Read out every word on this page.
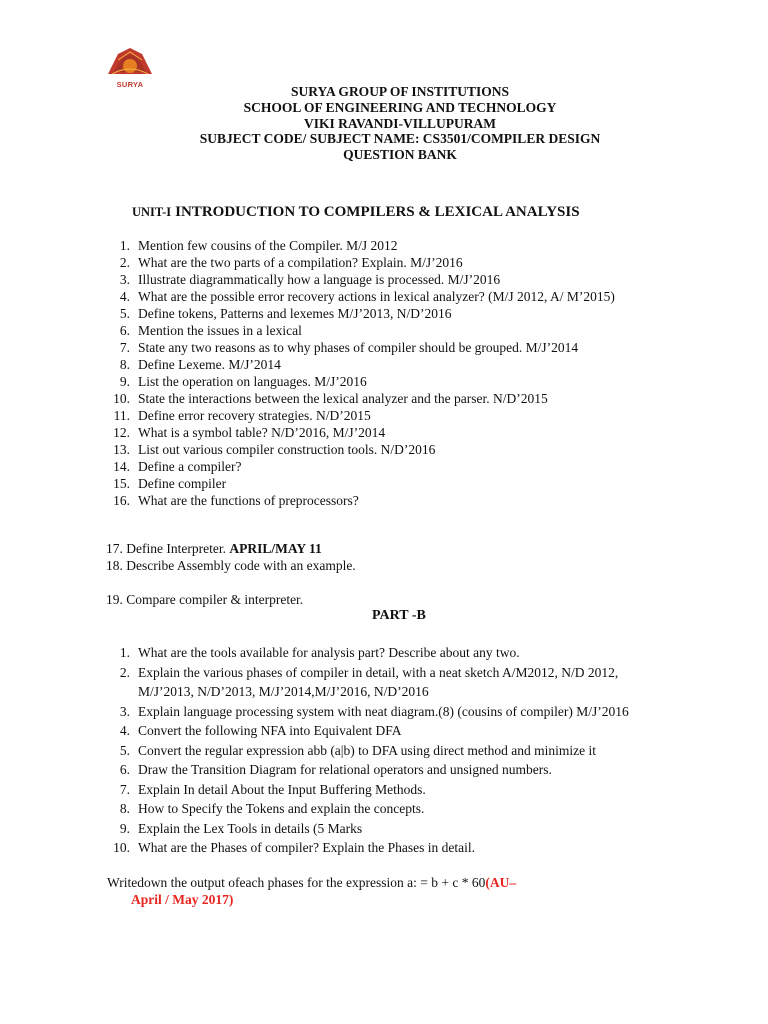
SURYA	SURYA GROUP OF INSTITUTIONS
SCHOOL OF ENGINEERING AND TECHNOLOGY
VIKI RAVANDI-VILLUPURAM
SUBJECT CODE/ SUBJECT NAME: CS3501/COMPILER DESIGN
QUESTION BANK
UNIT-I INTRODUCTION TO COMPILERS & LEXICAL ANALYSIS
1. Mention few cousins of the Compiler. M/J 2012
2. What are the two parts of a compilation? Explain. M/J’2016
3. Illustrate diagrammatically how a language is processed. M/J’2016
4. What are the possible error recovery actions in lexical analyzer? (M/J 2012, A/ M’2015)
5. Define tokens, Patterns and lexemes M/J’2013, N/D’2016
6. Mention the issues in a lexical
7. State any two reasons as to why phases of compiler should be grouped. M/J’2014
8. Define Lexeme. M/J’2014
9. List the operation on languages. M/J’2016
10. State the interactions between the lexical analyzer and the parser. N/D’2015
11. Define error recovery strategies. N/D’2015
12. What is a symbol table? N/D’2016, M/J’2014
13. List out various compiler construction tools. N/D’2016
14. Define a compiler?
15. Define compiler
16. What are the functions of preprocessors?
17. Define Interpreter. APRIL/MAY 11
18. Describe Assembly code with an example.
19. Compare compiler & interpreter.
PART -B
1. What are the tools available for analysis part? Describe about any two.
2. Explain the various phases of compiler in detail, with a neat sketch A/M2012, N/D 2012, M/J’2013, N/D’2013, M/J’2014,M/J’2016, N/D’2016
3. Explain language processing system with neat diagram.(8) (cousins of compiler) M/J’2016
4. Convert the following NFA into Equivalent DFA
5. Convert the regular expression abb (a|b) to DFA using direct method and minimize it
6. Draw the Transition Diagram for relational operators and unsigned numbers.
7. Explain In detail About the Input Buffering Methods.
8. How to Specify the Tokens and explain the concepts.
9. Explain the Lex Tools in details (5 Marks
10. What are the Phases of compiler? Explain the Phases in detail.
Writedown the output ofeach phases for the expression a: = b + c * 60(AU–
April / May 2017)
